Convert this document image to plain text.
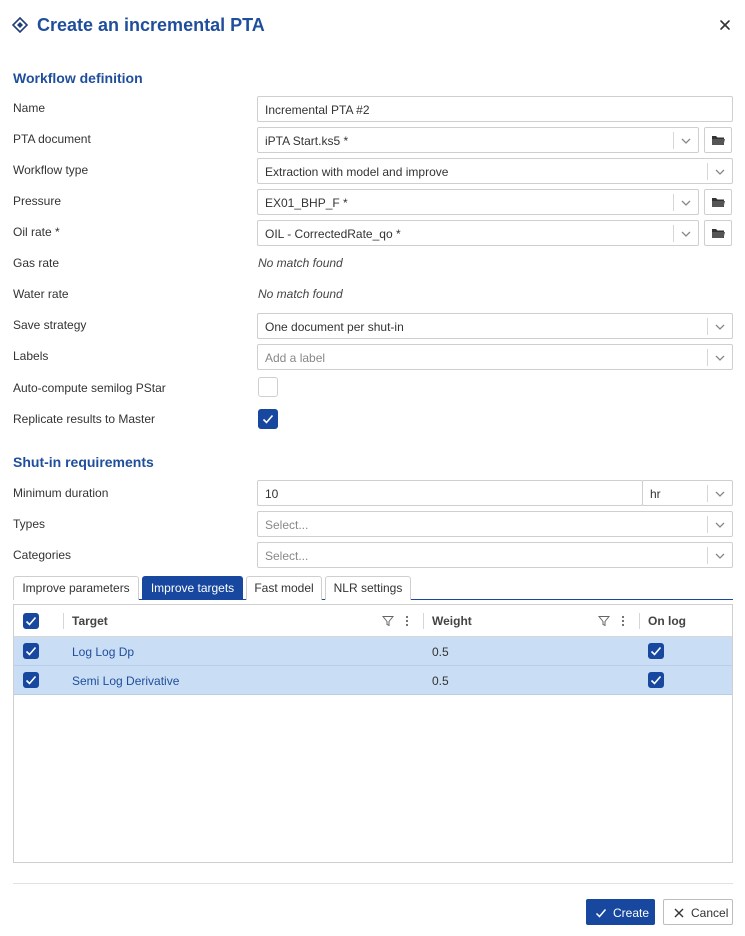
Create an incremental PTA
Workflow definition
Name	Incremental PTA #2
PTA document	iPTA Start.ks5 *
Workflow type	Extraction with model and improve
Pressure	EX01_BHP_F *
Oil rate *	OIL - CorrectedRate_qo *
Gas rate	No match found
Water rate	No match found
Save strategy	One document per shut-in
Labels	Add a label
Auto-compute semilog PStar
Replicate results to Master
Shut-in requirements
Minimum duration	10	hr
Types	Select...
Categories	Select...
Improve parameters	Improve targets	Fast model	NLR settings
Target	Weight	On log
Log Log Dp	0.5
Semi Log Derivative	0.5
Create	Cancel
